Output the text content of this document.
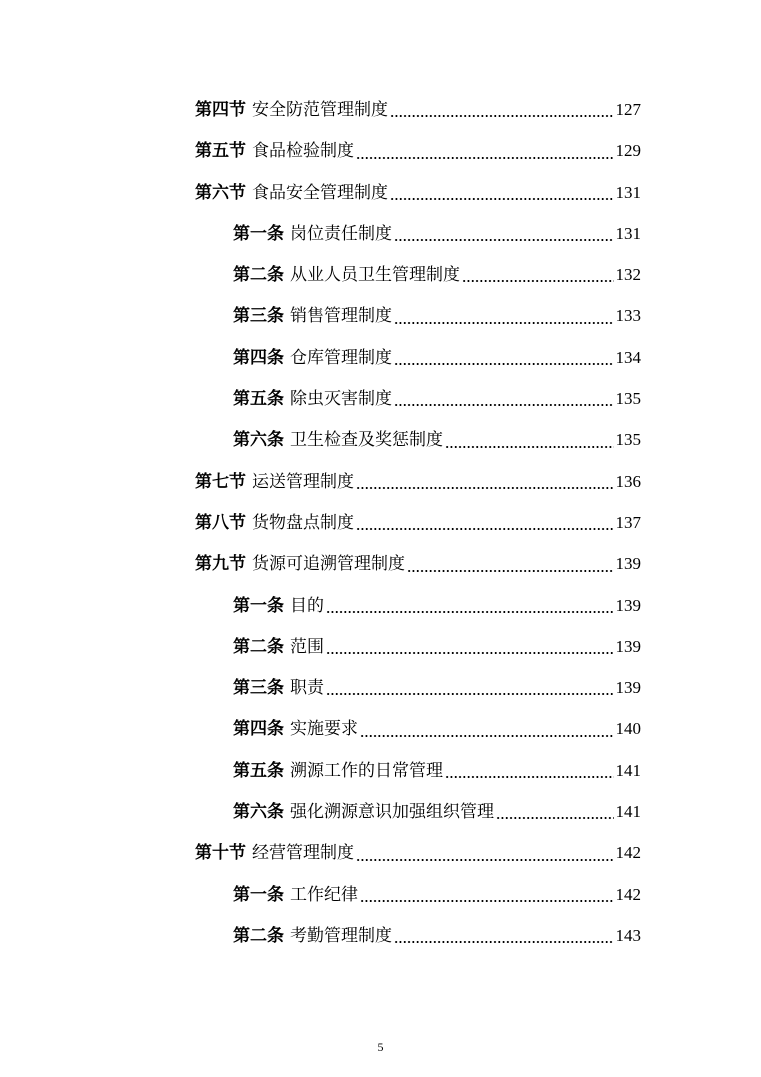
第四节 安全防范管理制度	127
第五节 食品检验制度	129
第六节 食品安全管理制度	131
第一条 岗位责任制度	131
第二条 从业人员卫生管理制度	132
第三条 销售管理制度	133
第四条 仓库管理制度	134
第五条 除虫灭害制度	135
第六条 卫生检查及奖惩制度	135
第七节 运送管理制度	136
第八节 货物盘点制度	137
第九节 货源可追溯管理制度	139
第一条 目的	139
第二条 范围	139
第三条 职责	139
第四条 实施要求	140
第五条 溯源工作的日常管理	141
第六条 强化溯源意识加强组织管理	141
第十节 经营管理制度	142
第一条 工作纪律	142
第二条 考勤管理制度	143
5
